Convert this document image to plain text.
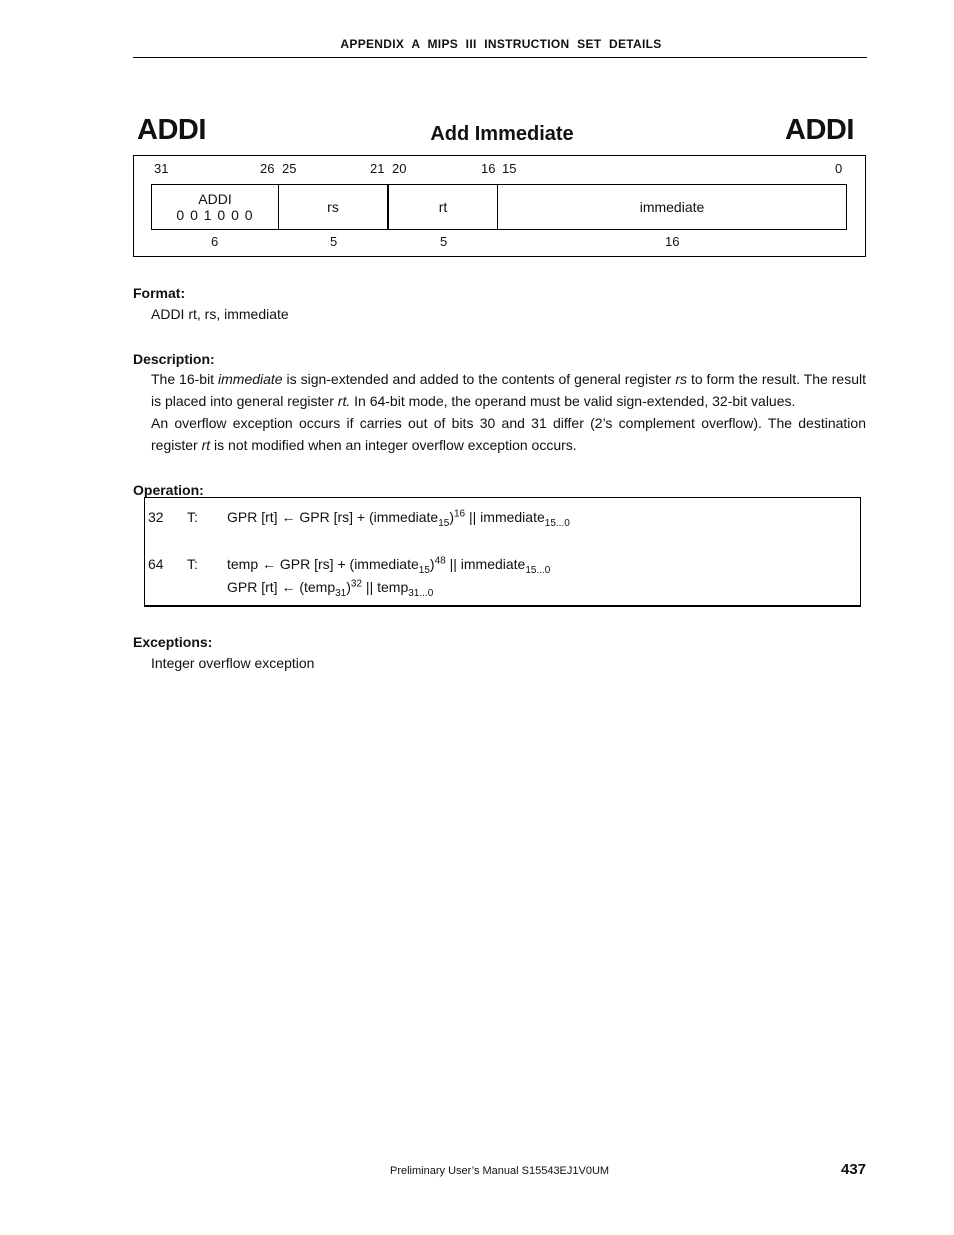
APPENDIX A MIPS III INSTRUCTION SET DETAILS
ADDI	Add Immediate	ADDI
31	26 25	21 20	16 15	0
ADDI
0 0 1 0 0 0	rs	rt	immediate
6	5	5	16
Format:
ADDI rt, rs, immediate
Description:

The 16-bit immediate is sign-extended and added to the contents of general register rs to form the result. The result is placed into general register rt. In 64-bit mode, the operand must be valid sign-extended, 32-bit values.

An overflow exception occurs if carries out of bits 30 and 31 differ (2’s complement overflow). The destination register rt is not modified when an integer overflow exception occurs.

Operation:
32 T: GPR [rt] ← GPR [rs] + (immediate$_{15}$)$^{16}$ || immediate$_{15...0}$
64 T: temp ← GPR [rs] + (immediate$_{15}$)$^{48}$ || immediate$_{15...0}$
GPR [rt] ← (temp$_{31}$)$^{32}$ || temp$_{31...0}$
Exceptions:
Integer overflow exception
Preliminary User’s Manual S15543EJ1V0UM	437
